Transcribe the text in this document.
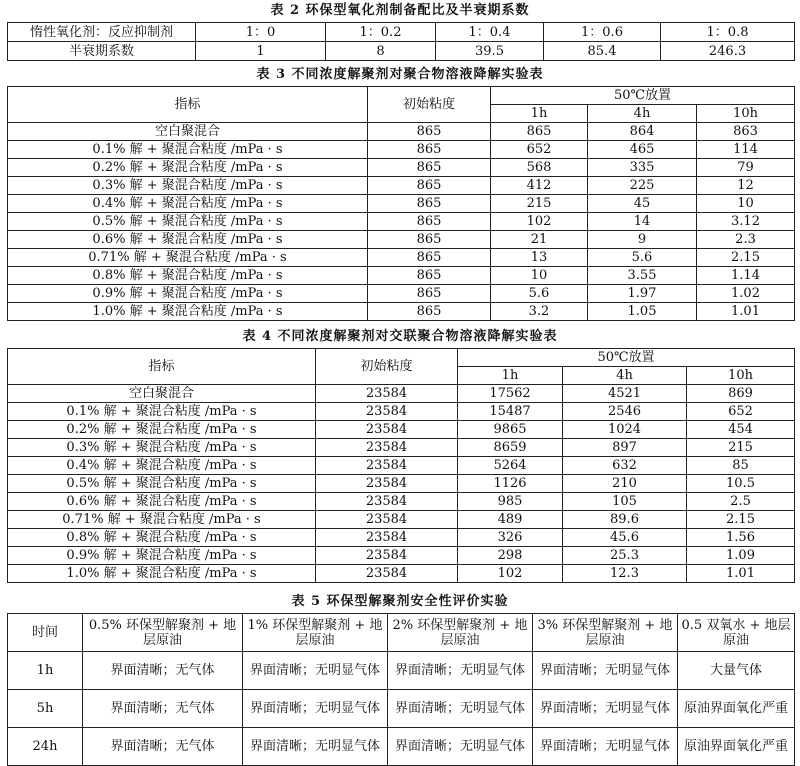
表 2 环保型氧化剂制备配比及半衰期系数
惰性氧化剂：反应抑制剂	1：0	1：0.2	1：0.4	1：0.6	1：0.8
半衰期系数	1	8	39.5	85.4	246.3
表 3 不同浓度解聚剂对聚合物溶液降解实验表
指标	初始粘度	50℃放置		
		1h	4h	10h
空白聚混合	865	865	864	863
0.1% 解 + 聚混合粘度 /mPa · s	865	652	465	114
0.2% 解 + 聚混合粘度 /mPa · s	865	568	335	79
0.3% 解 + 聚混合粘度 /mPa · s	865	412	225	12
0.4% 解 + 聚混合粘度 /mPa · s	865	215	45	10
0.5% 解 + 聚混合粘度 /mPa · s	865	102	14	3.12
0.6% 解 + 聚混合粘度 /mPa · s	865	21	9	2.3
0.71% 解 + 聚混合粘度 /mPa · s	865	13	5.6	2.15
0.8% 解 + 聚混合粘度 /mPa · s	865	10	3.55	1.14
0.9% 解 + 聚混合粘度 /mPa · s	865	5.6	1.97	1.02
1.0% 解 + 聚混合粘度 /mPa · s	865	3.2	1.05	1.01
表 4 不同浓度解聚剂对交联聚合物溶液降解实验表
指标	初始粘度	50℃放置		
		1h	4h	10h
空白聚混合	23584	17562	4521	869
0.1% 解 + 聚混合粘度 /mPa · s	23584	15487	2546	652
0.2% 解 + 聚混合粘度 /mPa · s	23584	9865	1024	454
0.3% 解 + 聚混合粘度 /mPa · s	23584	8659	897	215
0.4% 解 + 聚混合粘度 /mPa · s	23584	5264	632	85
0.5% 解 + 聚混合粘度 /mPa · s	23584	1126	210	10.5
0.6% 解 + 聚混合粘度 /mPa · s	23584	985	105	2.5
0.71% 解 + 聚混合粘度 /mPa · s	23584	489	89.6	2.15
0.8% 解 + 聚混合粘度 /mPa · s	23584	326	45.6	1.56
0.9% 解 + 聚混合粘度 /mPa · s	23584	298	25.3	1.09
1.0% 解 + 聚混合粘度 /mPa · s	23584	102	12.3	1.01
表 5 环保型解聚剂安全性评价实验
时间	0.5% 环保型解聚剂 + 地层原油	1% 环保型解聚剂 + 地层原油	2% 环保型解聚剂 + 地层原油	3% 环保型解聚剂 + 地层原油	0.5 双氧水 + 地层原油
1h	界面清晰；无气体	界面清晰；无明显气体	界面清晰；无明显气体	界面清晰；无明显气体	大量气体
5h	界面清晰；无气体	界面清晰；无明显气体	界面清晰；无明显气体	界面清晰；无明显气体	原油界面氧化严重
24h	界面清晰；无气体	界面清晰；无明显气体	界面清晰；无明显气体	界面清晰；无明显气体	原油界面氧化严重
